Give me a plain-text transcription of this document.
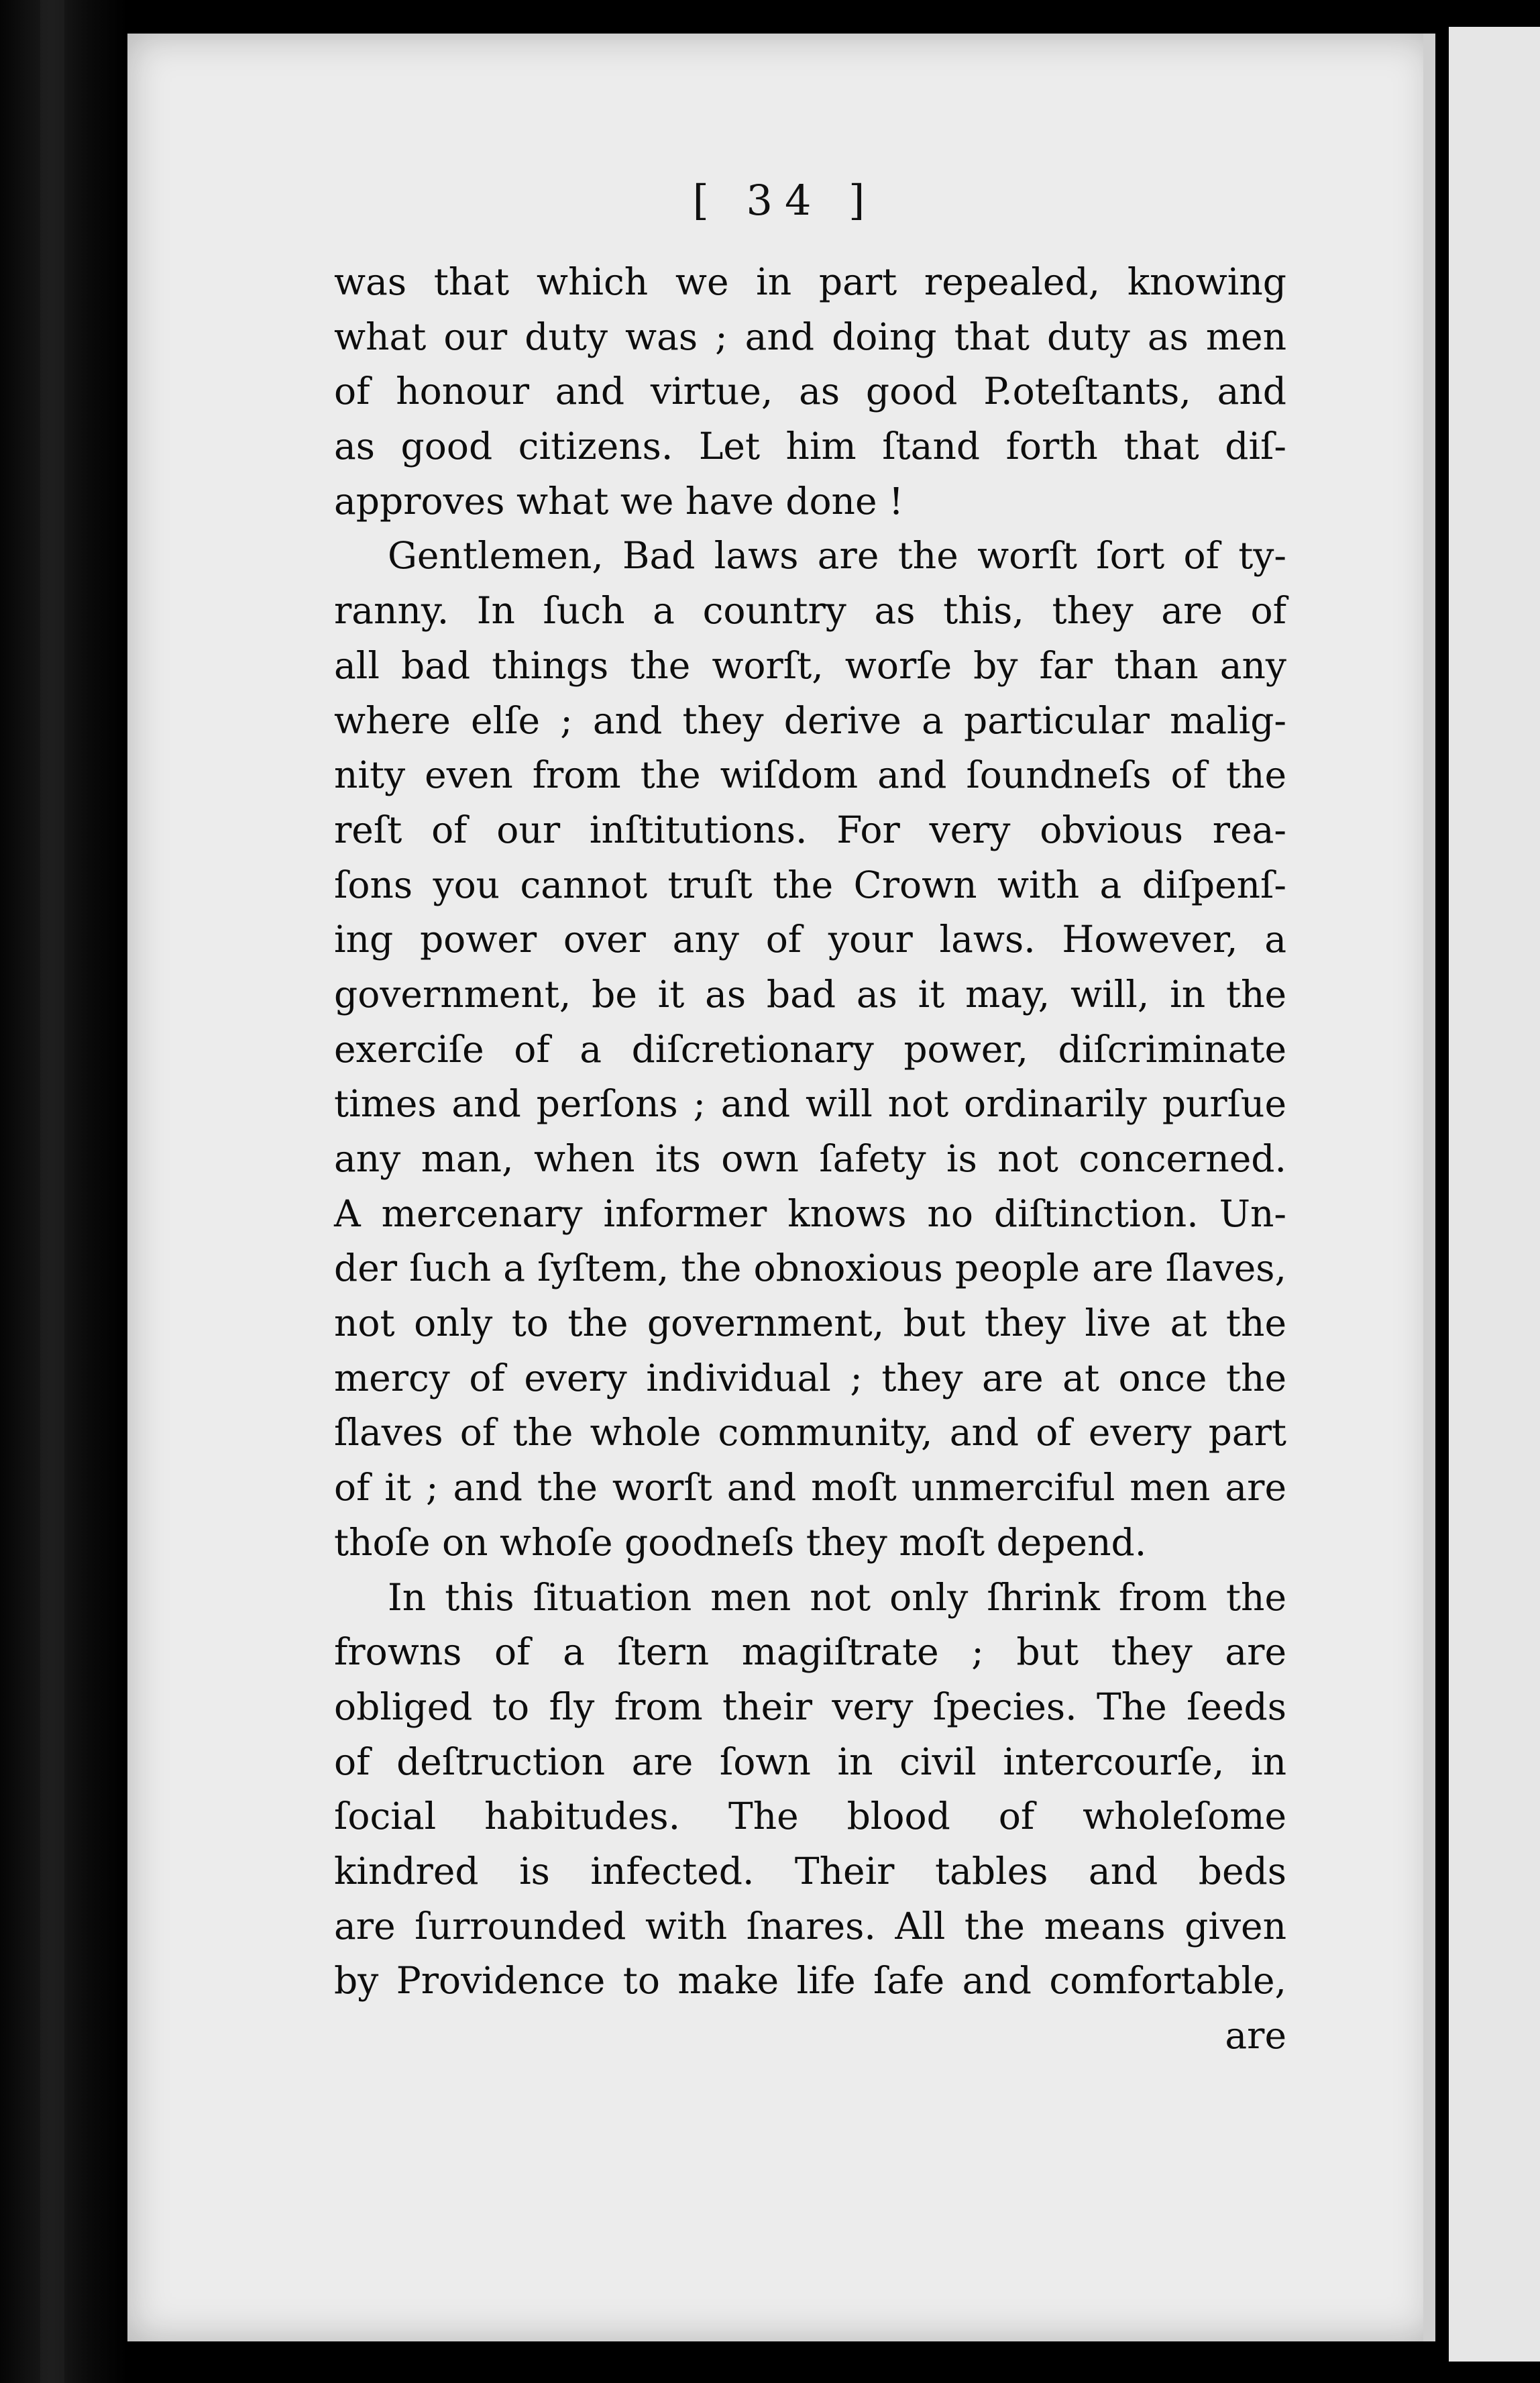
[ 34 ]
was that which we in part repealed, knowing
what our duty was ; and doing that duty as men
of honour and virtue, as good P.oteſtants, and
as good citizens. Let him ſtand forth that diſ-
approves what we have done !
Gentlemen, Bad laws are the worſt ſort of ty-
ranny. In ſuch a country as this, they are of
all bad things the worſt, worſe by far than any
where elſe ; and they derive a particular malig-
nity even from the wiſdom and ſoundneſs of the
reſt of our inſtitutions. For very obvious rea-
ſons you cannot truſt the Crown with a diſpenſ-
ing power over any of your laws. However, a
government, be it as bad as it may, will, in the
exerciſe of a diſcretionary power, diſcriminate
times and perſons ; and will not ordinarily purſue
any man, when its own ſafety is not concerned.
A mercenary informer knows no diſtinction. Un-
der ſuch a ſyſtem, the obnoxious people are ſlaves,
not only to the government, but they live at the
mercy of every individual ; they are at once the
ſlaves of the whole community, and of every part
of it ; and the worſt and moſt unmerciful men are
thoſe on whoſe goodneſs they moſt depend.
In this ſituation men not only ſhrink from the
frowns of a ſtern magiſtrate ; but they are
obliged to fly from their very ſpecies. The ſeeds
of deſtruction are ſown in civil intercourſe, in
ſocial habitudes. The blood of wholeſome
kindred is infected. Their tables and beds
are ſurrounded with ſnares. All the means given
by Providence to make life ſafe and comfortable,
are
